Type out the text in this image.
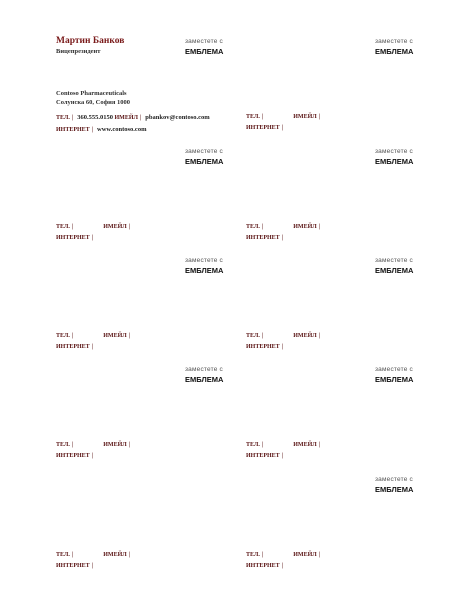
Мартин Банков
Вицепрезидент
заместете с
ЕМБЛЕМА
Contoso Pharmaceuticals
Солунска 60, София 1000
ТЕЛ. | 360.555.0150 ИМЕЙЛ | pbankov@contoso.com
ИНТЕРНЕТ | www.contoso.com
заместете с
ЕМБЛЕМА
ТЕЛ. |	ИМЕЙЛ |
ИНТЕРНЕТ |
заместете с
ЕМБЛЕМА
ТЕЛ. |	ИМЕЙЛ |
ИНТЕРНЕТ |
заместете с
ЕМБЛЕМА
ТЕЛ. |	ИМЕЙЛ |
ИНТЕРНЕТ |
заместете с
ЕМБЛЕМА
ТЕЛ. |	ИМЕЙЛ |
ИНТЕРНЕТ |
заместете с
ЕМБЛЕМА
ТЕЛ. |	ИМЕЙЛ |
ИНТЕРНЕТ |
заместете с
ЕМБЛЕМА
ТЕЛ. |	ИМЕЙЛ |
ИНТЕРНЕТ |
заместете с
ЕМБЛЕМА
ТЕЛ. |	ИМЕЙЛ |
ИНТЕРНЕТ |
ТЕЛ. |	ИМЕЙЛ |
ИНТЕРНЕТ |
заместете с
ЕМБЛЕМА
ТЕЛ. |	ИМЕЙЛ |
ИНТЕРНЕТ |
